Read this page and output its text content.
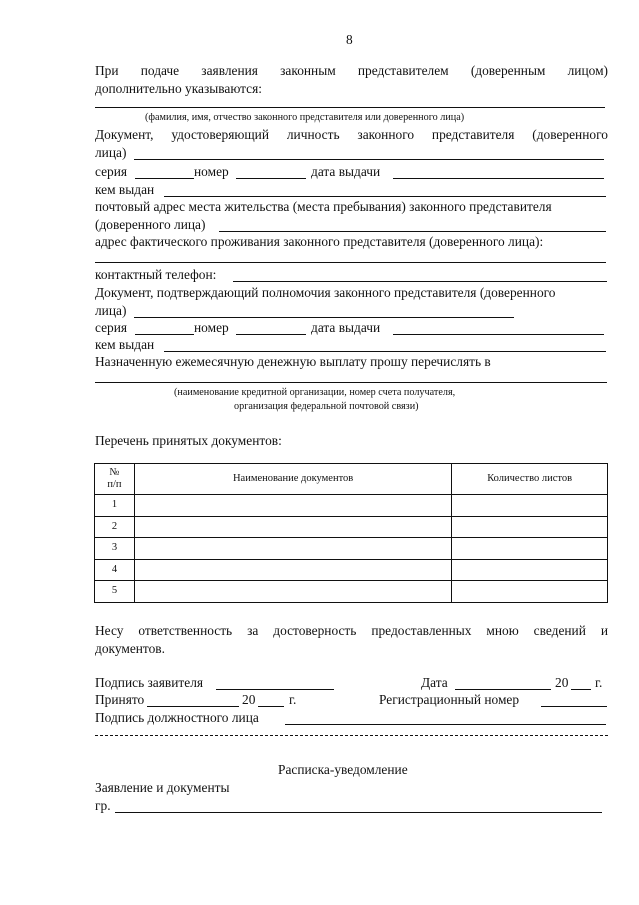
8
При подаче заявления законным представителем (доверенным лицом)
дополнительно указываются:
(фамилия, имя, отчество законного представителя или доверенного лица)
Документ, удостоверяющий личность законного представителя (доверенного
лица)
серия	номер	дата выдачи
кем выдан
почтовый адрес места жительства (места пребывания) законного представителя
(доверенного лица)
адрес фактического проживания законного представителя (доверенного лица):
контактный телефон:
Документ, подтверждающий полномочия законного представителя (доверенного
лица)
серия	номер	дата выдачи
кем выдан
Назначенную ежемесячную денежную выплату прошу перечислять в
(наименование кредитной организации, номер счета получателя,
организация федеральной почтовой связи)
Перечень принятых документов:
№
п/п	Наименование документов	Количество листов
1		
2		
3		
4		
5		
Несу ответственность за достоверность предоставленных мною сведений и
документов.
Подпись заявителя	Дата	20 г.
Принято	20	г.	Регистрационный номер
Подпись должностного лица
Расписка-уведомление
Заявление и документы
гр.
